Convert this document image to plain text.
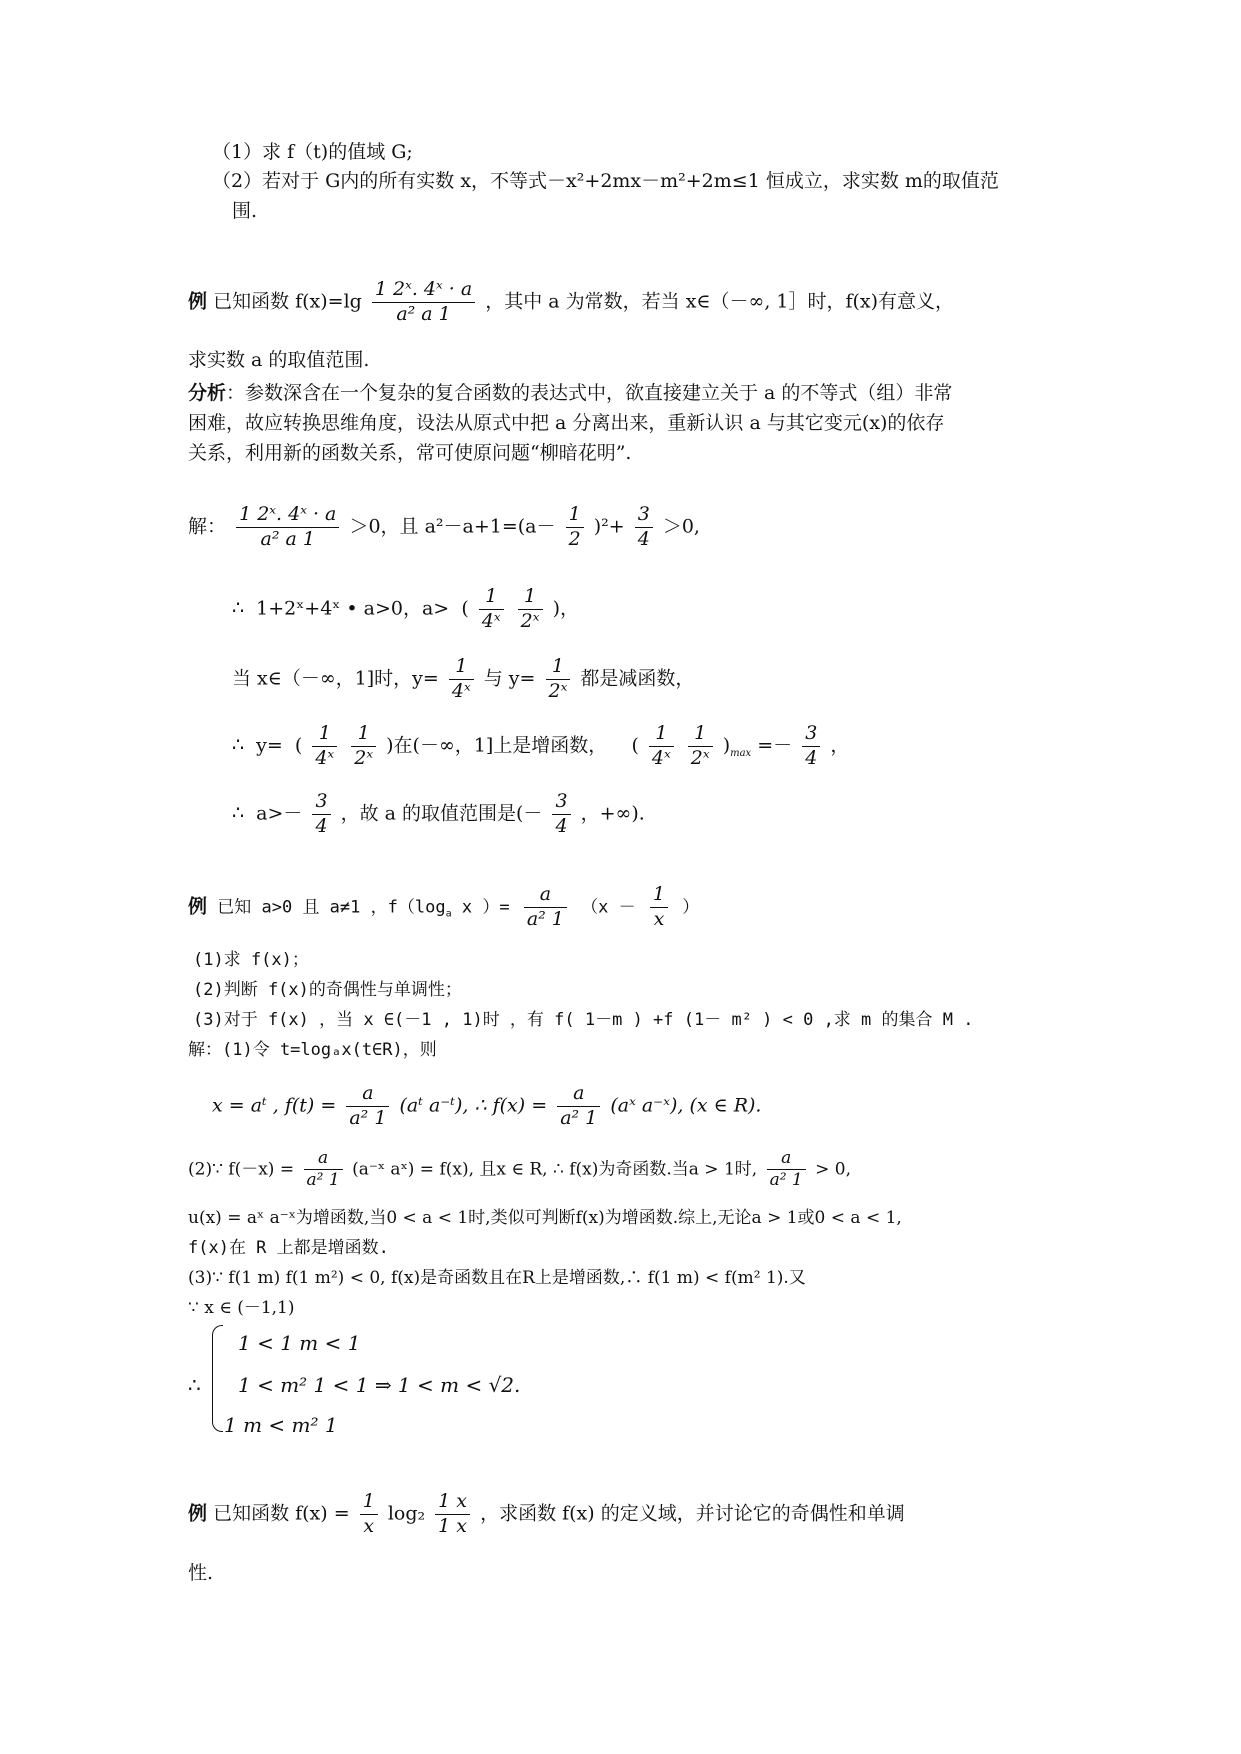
（1）求 f（t)的值域 G;
（2）若对于 G内的所有实数 x，不等式－x²+2mx－m²+2m≤1 恒成立，求实数 m的取值范
围.
例 已知函数 $f(x)=\lg \frac{\text{1 2ˣ. 4ˣ · a}}{\text{a² a 1}}$ ，其中 a 为常数，若当 x∈（－∞, 1］时，f(x)有意义，
求实数 a 的取值范围.
分析：参数深含在一个复杂的复合函数的表达式中，欲直接建立关于 a 的不等式（组）非常
困难，故应转换思维角度，设法从原式中把 a 分离出来，重新认识 a 与其它变元(x)的依存
关系，利用新的函数关系，常可使原问题“柳暗花明”.
解： $\frac{\text{1 2ˣ. 4ˣ · a}}{\text{a² a 1}} >0$，且 $a^2-a+1=(a- \frac{1}{2} )^2+ \frac{3}{4} >0$,
∴ 1+2ˣ+4ˣ • a>0，a>  ( $\frac{1}{\text{4ˣ}}$
$\frac{1}{\text{2ˣ}}$ )，
当 x∈（－∞，1]时，$y= \frac{1}{\text{4ˣ}}$ 与 $y= \frac{1}{\text{2ˣ}}$ 都是减函数，
∴ y=  ( $\frac{1}{\text{4ˣ}}$
$\frac{1}{\text{2ˣ}}$ )在(－∞，1]上是增函数，    ( $\frac{1}{\text{4ˣ}}$
$\frac{1}{\text{2ˣ}} )_{max} =- \frac{3}{4}$ ，
∴ $a>- \frac{3}{4}$ ，故 a 的取值范围是(－ $\frac{3}{4}$ ，+∞).
例 已知 a>0 且 a≠1 ，$f(\log_a$ x ）= $\frac{a}{\text{a² 1}} (x - \frac{1}{x}$ ）
(1)求 f(x)；
(2)判断 f(x)的奇偶性与单调性；
(3)对于 f(x) ，当 x ∈(－1 , 1)时 ，有 f( 1－m ) +f (1－ m² ) < 0 ,求 m 的集合 M .
解：(1)令 t=logₐx(t∈R)，则
x = aᵗ , $f(t) = \frac{a}{\text{a² 1}}$ (aᵗ a⁻ᵗ), ∴ $f(x) = \frac{a}{\text{a² 1}}$ (aˣ a⁻ˣ), (x ∈ R).
(2)∵ $f(-x) = \frac{a}{\text{a² 1}}$ (a⁻ˣ aˣ) = f(x), 且x ∈ R, ∴ f(x)为奇函数.当a > 1时, $\frac{a}{\text{a² 1}} > 0$,
u(x) = aˣ a⁻ˣ为增函数,当0 < a < 1时,类似可判断f(x)为增函数.综上,无论a > 1或0 < a < 1,
f(x)在 R 上都是增函数.
(3)∵ f(1 m) f(1 m²) < 0, f(x)是奇函数且在R上是增函数,∴ f(1 m) < f(m² 1).又
∵ x ∈ (－1,1)
∴
1 < 1 m < 1
1 < m² 1 < 1 ⇒ 1 < m < √2.
1 m < m² 1
例 已知函数 $f(x) = \frac{1}{x} \log_2 \frac{1 x}{1 x}$ ，求函数 f(x) 的定义域，并讨论它的奇偶性和单调
性.
